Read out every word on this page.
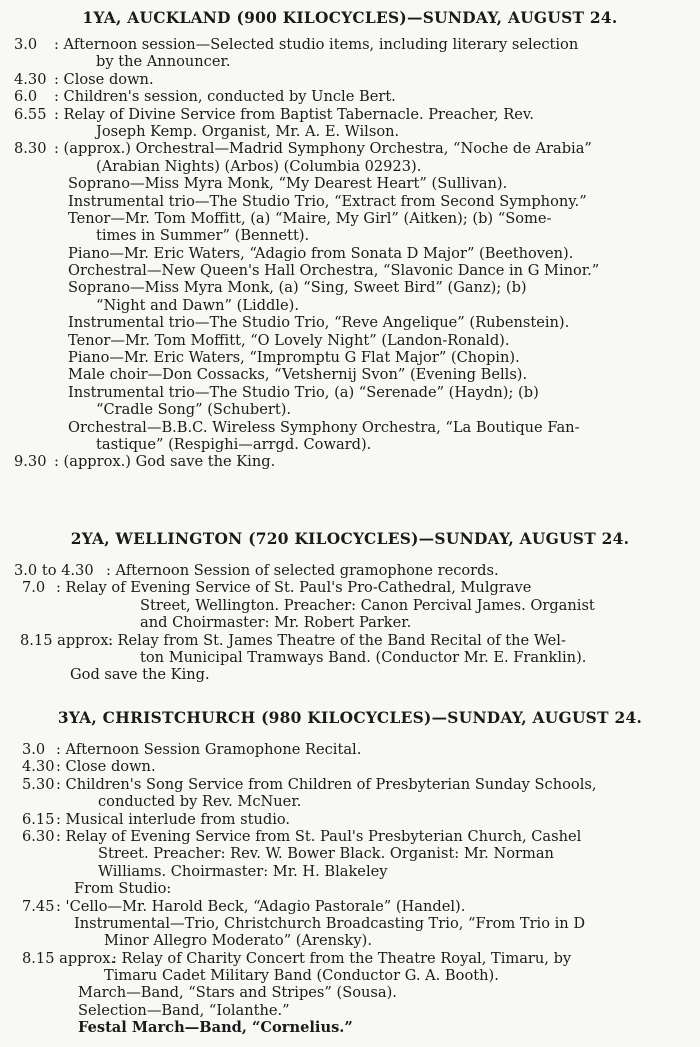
1YA, AUCKLAND (900 KILOCYCLES)—SUNDAY, AUGUST 24.
3.0 : Afternoon session—Selected studio items, including literary selection
by the Announcer.
4.30 : Close down.
6.0 : Children's session, conducted by Uncle Bert.
6.55 : Relay of Divine Service from Baptist Tabernacle. Preacher, Rev.
Joseph Kemp. Organist, Mr. A. E. Wilson.
8.30 : (approx.) Orchestral—Madrid Symphony Orchestra, “Noche de Arabia”
(Arabian Nights) (Arbos) (Columbia 02923).
Soprano—Miss Myra Monk, “My Dearest Heart” (Sullivan).
Instrumental trio—The Studio Trio, “Extract from Second Symphony.”
Tenor—Mr. Tom Moffitt, (a) “Maire, My Girl” (Aitken); (b) “Some-
times in Summer” (Bennett).
Piano—Mr. Eric Waters, “Adagio from Sonata D Major” (Beethoven).
Orchestral—New Queen's Hall Orchestra, “Slavonic Dance in G Minor.”
Soprano—Miss Myra Monk, (a) “Sing, Sweet Bird” (Ganz); (b)
“Night and Dawn” (Liddle).
Instrumental trio—The Studio Trio, “Reve Angelique” (Rubenstein).
Tenor—Mr. Tom Moffitt, “O Lovely Night” (Landon-Ronald).
Piano—Mr. Eric Waters, “Impromptu G Flat Major” (Chopin).
Male choir—Don Cossacks, “Vetshernij Svon” (Evening Bells).
Instrumental trio—The Studio Trio, (a) “Serenade” (Haydn); (b)
“Cradle Song” (Schubert).
Orchestral—B.B.C. Wireless Symphony Orchestra, “La Boutique Fan-
tastique” (Respighi—arrgd. Coward).
9.30 : (approx.) God save the King.
2YA, WELLINGTON (720 KILOCYCLES)—SUNDAY, AUGUST 24.
3.0 to 4.30 : Afternoon Session of selected gramophone records.
7.0 : Relay of Evening Service of St. Paul's Pro-Cathedral, Mulgrave
Street, Wellington. Preacher: Canon Percival James. Organist
and Choirmaster: Mr. Robert Parker.
8.15 approx.
: Relay from St. James Theatre of the Band Recital of the Wel-
ton Municipal Tramways Band. (Conductor Mr. E. Franklin).
God save the King.
3YA, CHRISTCHURCH (980 KILOCYCLES)—SUNDAY, AUGUST 24.
3.0 : Afternoon Session Gramophone Recital.
4.30 : Close down.
5.30 : Children's Song Service from Children of Presbyterian Sunday Schools,
conducted by Rev. McNuer.
6.15 : Musical interlude from studio.
6.30 : Relay of Evening Service from St. Paul's Presbyterian Church, Cashel
Street. Preacher: Rev. W. Bower Black. Organist: Mr. Norman
Williams. Choirmaster: Mr. H. Blakeley
From Studio:
7.45 : 'Cello—Mr. Harold Beck, “Adagio Pastorale” (Handel).
Instrumental—Trio, Christchurch Broadcasting Trio, “From Trio in D
Minor Allegro Moderato” (Arensky).
8.15 approx.
: Relay of Charity Concert from the Theatre Royal, Timaru, by
Timaru Cadet Military Band (Conductor G. A. Booth).
March—Band, “Stars and Stripes” (Sousa).
Selection—Band, “Iolanthe.”
Festal March—Band, “Cornelius.”
